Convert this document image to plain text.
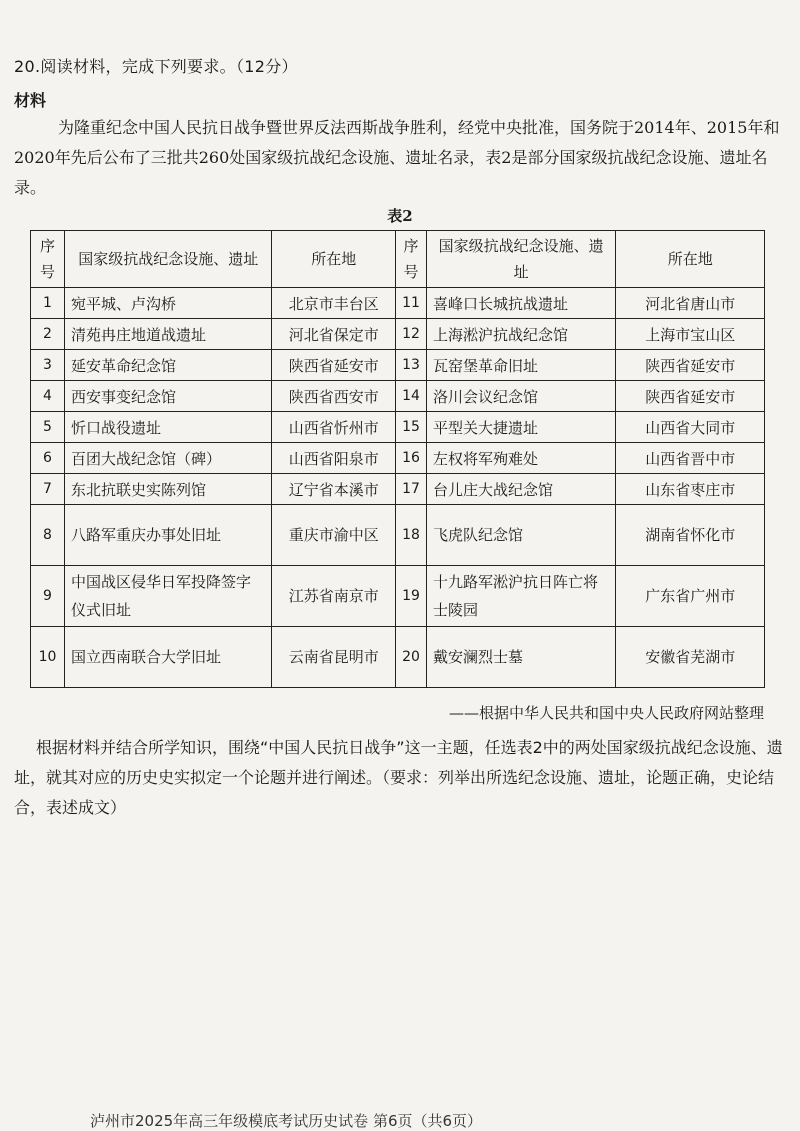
20.阅读材料，完成下列要求。（12分）
材料
为隆重纪念中国人民抗日战争暨世界反法西斯战争胜利，经党中央批准，国务院于2014年、2015年和2020年先后公布了三批共260处国家级抗战纪念设施、遗址名录，表2是部分国家级抗战纪念设施、遗址名录。
表2
序号	国家级抗战纪念设施、遗址	所在地	序号	国家级抗战纪念设施、遗址	所在地
1	宛平城、卢沟桥	北京市丰台区	11	喜峰口长城抗战遗址	河北省唐山市
2	清苑冉庄地道战遗址	河北省保定市	12	上海淞沪抗战纪念馆	上海市宝山区
3	延安革命纪念馆	陕西省延安市	13	瓦窑堡革命旧址	陕西省延安市
4	西安事变纪念馆	陕西省西安市	14	洛川会议纪念馆	陕西省延安市
5	忻口战役遗址	山西省忻州市	15	平型关大捷遗址	山西省大同市
6	百团大战纪念馆（碑）	山西省阳泉市	16	左权将军殉难处	山西省晋中市
7	东北抗联史实陈列馆	辽宁省本溪市	17	台儿庄大战纪念馆	山东省枣庄市
8	八路军重庆办事处旧址	重庆市渝中区	18	飞虎队纪念馆	湖南省怀化市
9	中国战区侵华日军投降签字仪式旧址	江苏省南京市	19	十九路军淞沪抗日阵亡将士陵园	广东省广州市
10	国立西南联合大学旧址	云南省昆明市	20	戴安澜烈士墓	安徽省芜湖市
——根据中华人民共和国中央人民政府网站整理
根据材料并结合所学知识，围绕“中国人民抗日战争”这一主题，任选表2中的两处国家级抗战纪念设施、遗址，就其对应的历史史实拟定一个论题并进行阐述。（要求：列举出所选纪念设施、遗址，论题正确，史论结合，表述成文）
泸州市2025年高三年级模底考试历史试卷 第6页（共6页）
